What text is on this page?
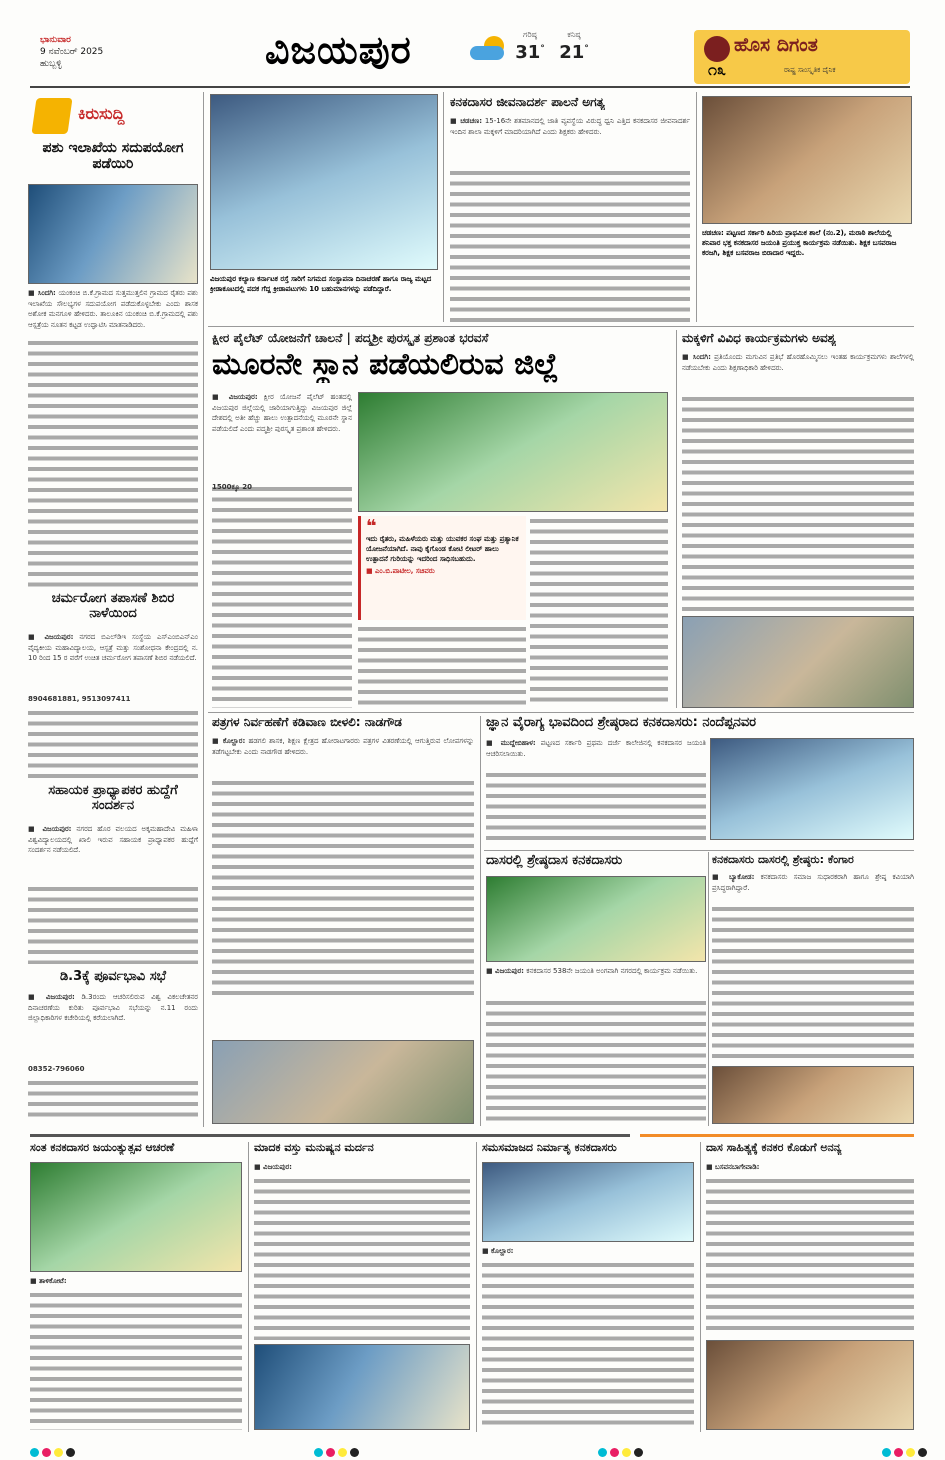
ಭಾನುವಾರ
9 ನವೆಂಬರ್ 2025
ಹುಬ್ಬಳ್ಳಿ	ವಿಜಯಪುರ	ಗರಿಷ್ಠ
31°
ಕನಿಷ್ಠ
21°	ಹೊಸ ದಿಗಂತ
೧೩	ರಾಷ್ಟ್ರ ಸಾಂಸ್ಕೃತಿಕ ದೈನಿಕ
ಕಿರುಸುದ್ದಿ
ಪಶು ಇಲಾಖೆಯ ಸದುಪಯೋಗ ಪಡೆಯಿರಿ
■ ಸಿಂದಗಿ: ಯಂಕಂಚಿ ಬಿ.ಕೆ.ಗ್ರಾಮದ ಸುತ್ತಮುತ್ತಲಿನ ಗ್ರಾಮದ ರೈತರು ಪಶು ಇಲಾಖೆಯ ಸೌಲಭ್ಯಗಳ ಸದುಪಯೋಗ ಪಡೆದುಕೊಳ್ಳಬೇಕು ಎಂದು ಶಾಸಕ ಅಶೋಕ ಮನಗೂಳಿ ಹೇಳಿದರು. ತಾಲೂಕಿನ ಯಂಕಂಚಿ ಬಿ.ಕೆ.ಗ್ರಾಮದಲ್ಲಿ ಪಶು ಆಸ್ಪತ್ರೆಯ ನೂತನ ಕಟ್ಟಡ ಉದ್ಘಾಟಿಸಿ ಮಾತನಾಡಿದರು.
ಚರ್ಮರೋಗ ತಪಾಸಣೆ ಶಿಬಿರ ನಾಳೆಯಿಂದ
■ ವಿಜಯಪುರ: ನಗರದ ಬಿಎಲ್‌ಡಿಇ ಸಂಸ್ಥೆಯ ಎಸ್‌ಎಂಬಿಎನ್‌ಎಂ ವೈದ್ಯಕೀಯ ಮಹಾವಿದ್ಯಾಲಯ, ಆಸ್ಪತ್ರೆ ಮತ್ತು ಸಂಶೋಧನಾ ಕೇಂದ್ರದಲ್ಲಿ ನ. 10 ರಿಂದ 15 ರ ವರೆಗೆ ಉಚಿತ ಚರ್ಮರೋಗ ತಪಾಸಣೆ ಶಿಬಿರ ನಡೆಯಲಿದೆ.
8904681881, 9513097411
ಸಹಾಯಕ ಪ್ರಾಧ್ಯಾಪಕರ ಹುದ್ದೆಗೆ ಸಂದರ್ಶನ
■ ವಿಜಯಪುರ: ನಗರದ ಹೊರ ವಲಯದ ಅಕ್ಕಮಹಾದೇವಿ ಮಹಿಳಾ ವಿಶ್ವವಿದ್ಯಾಲಯದಲ್ಲಿ ಖಾಲಿ ಇರುವ ಸಹಾಯಕ ಪ್ರಾಧ್ಯಾಪಕರ ಹುದ್ದೆಗೆ ಸಂದರ್ಶನ ನಡೆಯಲಿದೆ.
ಡಿ.3ಕ್ಕೆ ಪೂರ್ವಭಾವಿ ಸಭೆ
■ ವಿಜಯಪುರ: ಡಿ.3ರಂದು ಆಚರಿಸಲಿರುವ ವಿಶ್ವ ವಿಕಲಚೇತನರ ದಿನಾಚರಣೆಯ ಕುರಿತು ಪೂರ್ವಭಾವಿ ಸಭೆಯನ್ನು ನ.11 ರಂದು ಜಿಲ್ಲಾಧಿಕಾರಿಗಳ ಕಚೇರಿಯಲ್ಲಿ ಕರೆಯಲಾಗಿದೆ.
08352-796060
ವಿಜಯಪುರ ಕಲ್ಯಾಣ ಕರ್ನಾಟಕ ರಸ್ತೆ ಸಾರಿಗೆ ನಿಗಮದ ಸಂಸ್ಥಾಪನಾ ದಿನಾಚರಣೆ ಹಾಗೂ ರಾಜ್ಯ ಮಟ್ಟದ ಕ್ರೀಡಾಕೂಟದಲ್ಲಿ ಪದಕ ಗೆದ್ದ ಕ್ರೀಡಾಪಟುಗಳು 10 ಬಹುಮಾನಗಳನ್ನು ಪಡೆದಿದ್ದಾರೆ.
ಕನಕದಾಸರ ಜೀವನಾದರ್ಶ ಪಾಲನೆ ಅಗತ್ಯ
■ ಚಡಚಣ: 15-16ನೇ ಶತಮಾನದಲ್ಲಿ ಜಾತಿ ವ್ಯವಸ್ಥೆಯ ವಿರುದ್ಧ ಧ್ವನಿ ಎತ್ತಿದ ಕನಕದಾಸರ ಜೀವನಾದರ್ಶ ಇಂದಿನ ಶಾಲಾ ಮಕ್ಕಳಿಗೆ ಮಾದರಿಯಾಗಿದೆ ಎಂದು ಶಿಕ್ಷಕರು ಹೇಳಿದರು.
ಚಡಚಣ: ಪಟ್ಟಣದ ಸರ್ಕಾರಿ ಹಿರಿಯ ಪ್ರಾಥಮಿಕ ಶಾಲೆ (ನಂ.2), ಮರಾಠಿ ಶಾಲೆಯಲ್ಲಿ ಶನಿವಾರ ಭಕ್ತ ಕನಕದಾಸರ ಜಯಂತಿ ಪ್ರಯುಕ್ತ ಕಾರ್ಯಕ್ರಮ ನಡೆಯಿತು. ಶಿಕ್ಷಕ ಬಸವರಾಜ ಕರಜಗಿ, ಶಿಕ್ಷಕ ಬಸವರಾಜ ಬಿರಾದಾರ ಇದ್ದರು.
ಕ್ಷೀರ ಪೈಲೆಟ್ ಯೋಜನೆಗೆ ಚಾಲನೆ | ಪದ್ಮಶ್ರೀ ಪುರಸ್ಕೃತ ಪ್ರಶಾಂತ ಭರವಸೆ
ಮೂರನೇ ಸ್ಥಾನ ಪಡೆಯಲಿರುವ ಜಿಲ್ಲೆ
■ ವಿಜಯಪುರ: ಕ್ಷೀರ ಯೋಜನೆ ಪೈಲೆಟ್ ಹಂತದಲ್ಲಿ ವಿಜಯಪುರ ಜಿಲ್ಲೆಯಲ್ಲಿ ಜಾರಿಯಾಗುತ್ತಿದ್ದು ವಿಜಯಪುರ ಜಿಲ್ಲೆ ದೇಶದಲ್ಲಿ ಅತೀ ಹೆಚ್ಚು ಹಾಲು ಉತ್ಪಾದನೆಯಲ್ಲಿ ಮೂರನೇ ಸ್ಥಾನ ಪಡೆಯಲಿದೆ ಎಂದು ಪದ್ಮಶ್ರೀ ಪುರಸ್ಕೃತ ಪ್ರಶಾಂತ ಹೇಳಿದರು.
1500ಕ್ಕೂ 20
❝
ಇದು ರೈತರು, ಮಹಿಳೆಯರು ಮತ್ತು ಯುವಕರ ಸಂಘ ಮತ್ತು ಪ್ರತ್ಯಾನಿಕ ಯೋಜನೆಯಾಗಿದೆ. ನಾವು ಕೈಗೊಂಡ ಕೋಟಿ ಲೀಟರ್ ಹಾಲು ಉತ್ಪಾದನೆ ಗುರಿಯನ್ನು ಇದರಿಂದ ಸಾಧಿಸಬಹುದು.
■ ಎಂ.ಬಿ.ಪಾಟೀಲ, ಸಚಿವರು
ಮಕ್ಕಳಿಗೆ ವಿವಿಧ ಕಾರ್ಯಕ್ರಮಗಳು ಅವಶ್ಯ
■ ಸಿಂದಗಿ: ಪ್ರತಿಯೊಂದು ಮಗುವಿನ ಪ್ರತಿಭೆ ಹೊರಹೊಮ್ಮಿಸಲು ಇಂತಹ ಕಾರ್ಯಕ್ರಮಗಳು ಶಾಲೆಗಳಲ್ಲಿ ನಡೆಯಬೇಕು ಎಂದು ಶಿಕ್ಷಣಾಧಿಕಾರಿ ಹೇಳಿದರು.
ಪತ್ರಗಳ ನಿರ್ವಹಣೆಗೆ ಕಡಿವಾಣ ಬೀಳಲಿ: ನಾಡಗೌಡ
■ ಕೊಲ್ಹಾರ: ಹಡಗಲಿ ಶಾಸಕ, ಶಿಕ್ಷಣ ಕ್ಷೇತ್ರದ ಹೋರಾಟಗಾರರು ಪತ್ರಗಳ ವಿತರಣೆಯಲ್ಲಿ ಆಗುತ್ತಿರುವ ಲೋಪಗಳನ್ನು ತಡೆಗಟ್ಟಬೇಕು ಎಂದು ನಾಡಗೌಡ ಹೇಳಿದರು.
ಜ್ಞಾನ ವೈರಾಗ್ಯ ಭಾವದಿಂದ ಶ್ರೇಷ್ಠರಾದ ಕನಕದಾಸರು: ನಂದೆಪ್ಪನವರ
■ ಮುದ್ದೇಬಿಹಾಳ: ಪಟ್ಟಣದ ಸರ್ಕಾರಿ ಪ್ರಥಮ ದರ್ಜೆ ಕಾಲೇಜಿನಲ್ಲಿ ಕನಕದಾಸರ ಜಯಂತಿ ಆಚರಿಸಲಾಯಿತು.
ದಾಸರಲ್ಲಿ ಶ್ರೇಷ್ಠದಾಸ ಕನಕದಾಸರು
■ ವಿಜಯಪುರ: ಕನಕದಾಸರ 538ನೇ ಜಯಂತಿ ಅಂಗವಾಗಿ ನಗರದಲ್ಲಿ ಕಾರ್ಯಕ್ರಮ ನಡೆಯಿತು.
ಕನಕದಾಸರು ದಾಸರಲ್ಲಿ ಶ್ರೇಷ್ಠರು: ಕೆಂಗಾರ
■ ಬ್ಯಾಕೋಡ: ಕನಕದಾಸರು ಸಮಾಜ ಸುಧಾರಕರಾಗಿ ಹಾಗೂ ಶ್ರೇಷ್ಠ ಕವಿಯಾಗಿ ಪ್ರಸಿದ್ಧರಾಗಿದ್ದಾರೆ.
ಸಂತ ಕನಕದಾಸರ ಜಯಂತ್ಯುತ್ಸವ ಆಚರಣೆ
■ ತಾಳಿಕೋಟೆ:
ಮಾದಕ ವಸ್ತು ಮನುಷ್ಯನ ಮರ್ದನ
■ ವಿಜಯಪುರ:
ಸಮಸಮಾಜದ ನಿರ್ಮಾತೃ ಕನಕದಾಸರು
■ ಕೊಲ್ಹಾರ:
ದಾಸ ಸಾಹಿತ್ಯಕ್ಕೆ ಕನಕರ ಕೊಡುಗೆ ಅನನ್ಯ
■ ಬಸವನಬಾಗೇವಾಡಿ:
